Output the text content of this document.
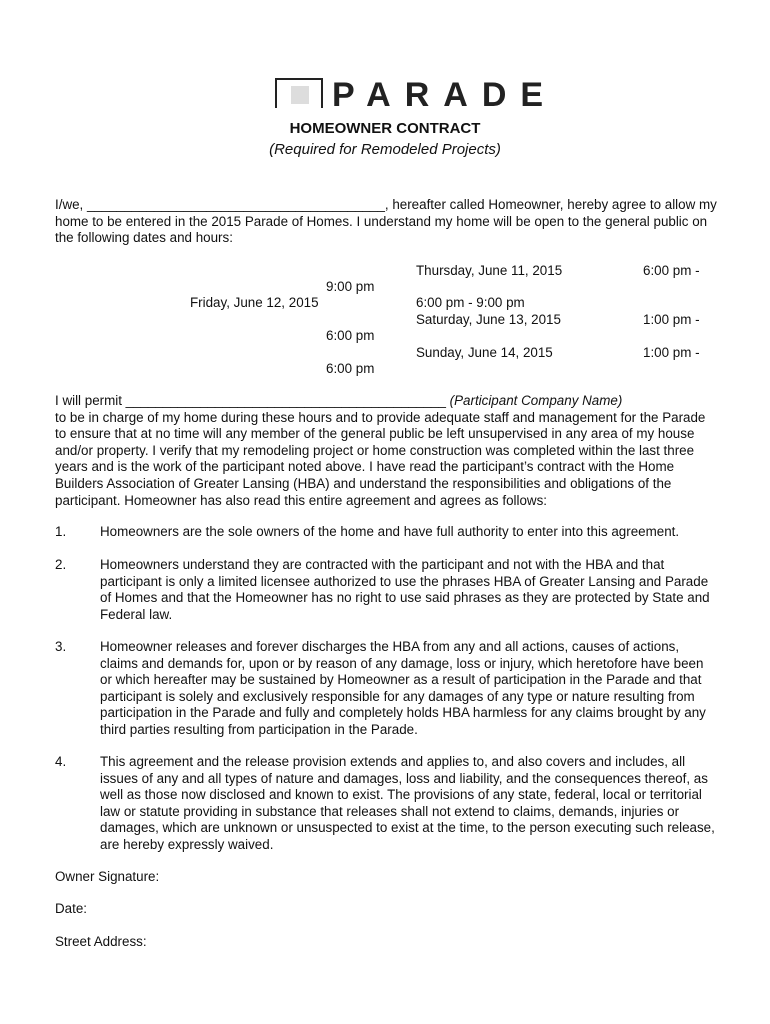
PARADE
HOMEOWNER CONTRACT
(Required for Remodeled Projects)
I/we, ________________________________________, hereafter called Homeowner, hereby agree to allow my home to be entered in the 2015 Parade of Homes. I understand my home will be open to the general public on the following dates and hours:
Thursday, June 11, 2015	6:00 pm -
9:00 pm
Friday, June 12, 2015	6:00 pm - 9:00 pm
Saturday, June 13, 2015	1:00 pm -
6:00 pm
Sunday, June 14, 2015	1:00 pm -
6:00 pm
I will permit ___________________________________________ (Participant Company Name)
to be in charge of my home during these hours and to provide adequate staff and management for the Parade to ensure that at no time will any member of the general public be left unsupervised in any area of my house and/or property. I verify that my remodeling project or home construction was completed within the last three years and is the work of the participant noted above. I have read the participant’s contract with the Home Builders Association of Greater Lansing (HBA) and understand the responsibilities and obligations of the participant. Homeowner has also read this entire agreement and agrees as follows:
1.	Homeowners are the sole owners of the home and have full authority to enter into this agreement.
2.	Homeowners understand they are contracted with the participant and not with the HBA and that participant is only a limited licensee authorized to use the phrases HBA of Greater Lansing and Parade of Homes and that the Homeowner has no right to use said phrases as they are protected by State and Federal law.
3.	Homeowner releases and forever discharges the HBA from any and all actions, causes of actions, claims and demands for, upon or by reason of any damage, loss or injury, which heretofore have been or which hereafter may be sustained by Homeowner as a result of participation in the Parade and that participant is solely and exclusively responsible for any damages of any type or nature resulting from participation in the Parade and fully and completely holds HBA harmless for any claims brought by any third parties resulting from participation in the Parade.
4.	This agreement and the release provision extends and applies to, and also covers and includes, all issues of any and all types of nature and damages, loss and liability, and the consequences thereof, as well as those now disclosed and known to exist. The provisions of any state, federal, local or territorial law or statute providing in substance that releases shall not extend to claims, demands, injuries or damages, which are unknown or unsuspected to exist at the time, to the person executing such release, are hereby expressly waived.
Owner Signature:
Date:
Street Address:
